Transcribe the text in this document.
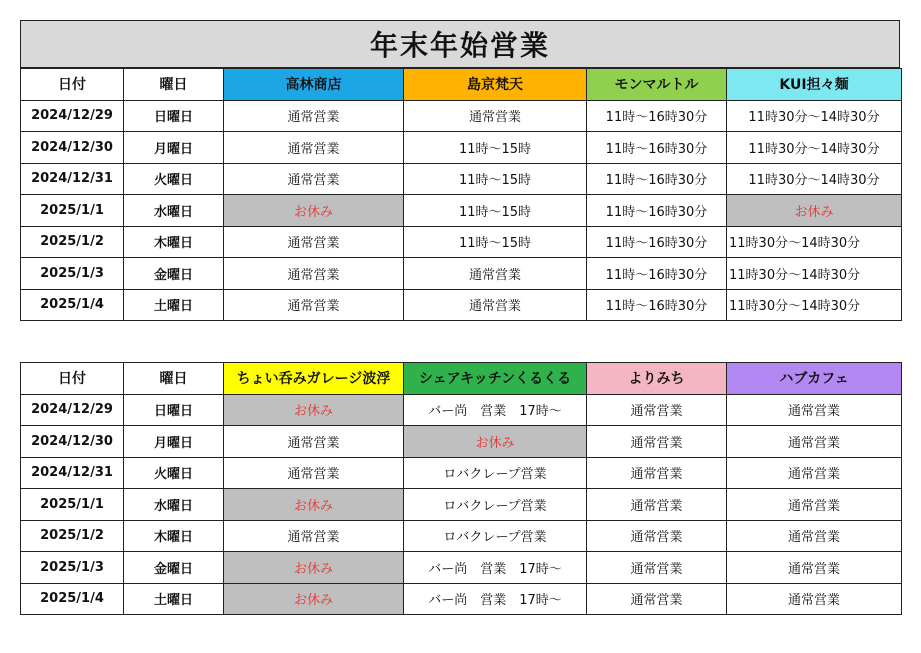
年末年始営業
日付	曜日	高林商店	島京梵天	モンマルトル	KUI担々麺
2024/12/29	日曜日	通常営業	通常営業	11時～16時30分	11時30分～14時30分
2024/12/30	月曜日	通常営業	11時～15時	11時～16時30分	11時30分～14時30分
2024/12/31	火曜日	通常営業	11時～15時	11時～16時30分	11時30分～14時30分
2025/1/1	水曜日	お休み	11時～15時	11時～16時30分	お休み
2025/1/2	木曜日	通常営業	11時～15時	11時～16時30分	11時30分～14時30分
2025/1/3	金曜日	通常営業	通常営業	11時～16時30分	11時30分～14時30分
2025/1/4	土曜日	通常営業	通常営業	11時～16時30分	11時30分～14時30分
日付	曜日	ちょい呑みガレージ波浮	シェアキッチンくるくる	よりみち	ハブカフェ
2024/12/29	日曜日	お休み	バー尚　営業　17時～	通常営業	通常営業
2024/12/30	月曜日	通常営業	お休み	通常営業	通常営業
2024/12/31	火曜日	通常営業	ロバクレープ営業	通常営業	通常営業
2025/1/1	水曜日	お休み	ロバクレープ営業	通常営業	通常営業
2025/1/2	木曜日	通常営業	ロバクレープ営業	通常営業	通常営業
2025/1/3	金曜日	お休み	バー尚　営業　17時～	通常営業	通常営業
2025/1/4	土曜日	お休み	バー尚　営業　17時～	通常営業	通常営業
